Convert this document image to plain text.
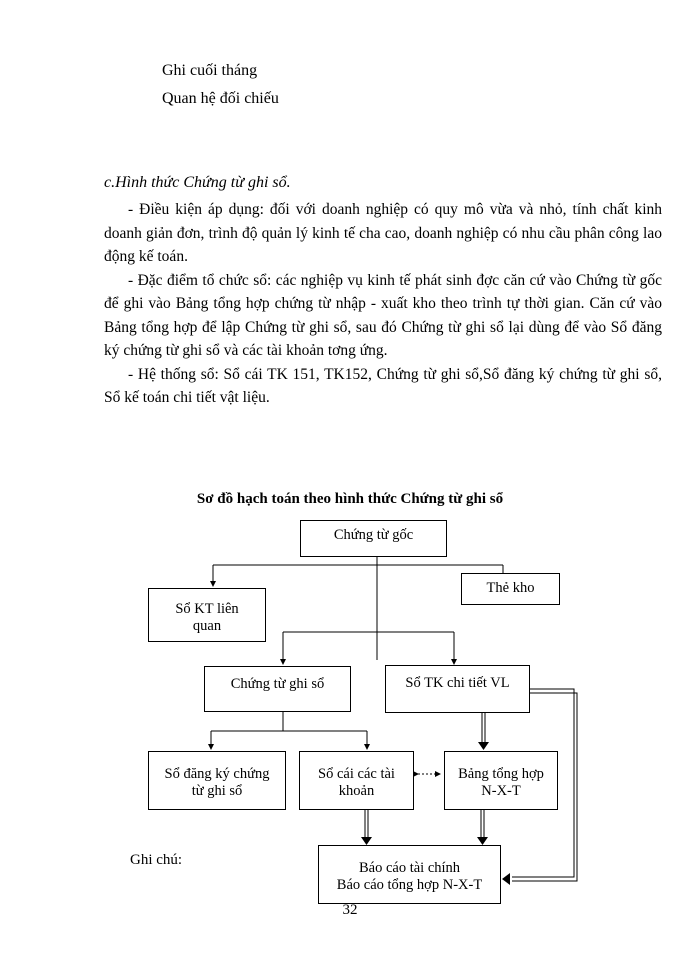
Ghi cuối tháng
Quan hệ đối chiếu
c.Hình thức Chứng từ ghi sổ.

- Điều kiện áp dụng: đối với doanh nghiệp có quy mô vừa và nhỏ, tính chất kinh doanh giản đơn, trình độ quản lý kinh tế cha cao, doanh nghiệp có nhu cầu phân công lao động kế toán.

- Đặc điểm tổ chức sổ: các nghiệp vụ kinh tế phát sinh đợc căn cứ vào Chứng từ gốc để ghi vào Bảng tổng hợp chứng từ nhập - xuất kho theo trình tự thời gian. Căn cứ vào Bảng tổng hợp để lập Chứng từ ghi sổ, sau đó Chứng từ ghi sổ lại dùng để vào Sổ đăng ký chứng từ ghi sổ và các tài khoản tơng ứng.

- Hệ thống sổ: Sổ cái TK 151, TK152, Chứng từ ghi sổ,Sổ đăng ký chứng từ ghi sổ, Sổ kế toán chi tiết vật liệu.

Sơ đồ hạch toán theo hình thức Chứng từ ghi sổ
Chứng từ gốc
Sổ KT liên
quan
Thẻ kho
Chứng từ ghi sổ	Sổ TK chi tiết VL
Sổ đăng ký chứng
từ ghi sổ
Sổ cái các tài
khoản
Bảng tổng hợp
N-X-T
Báo cáo tài chính
Báo cáo tổng hợp N-X-T
Ghi chú:
32
